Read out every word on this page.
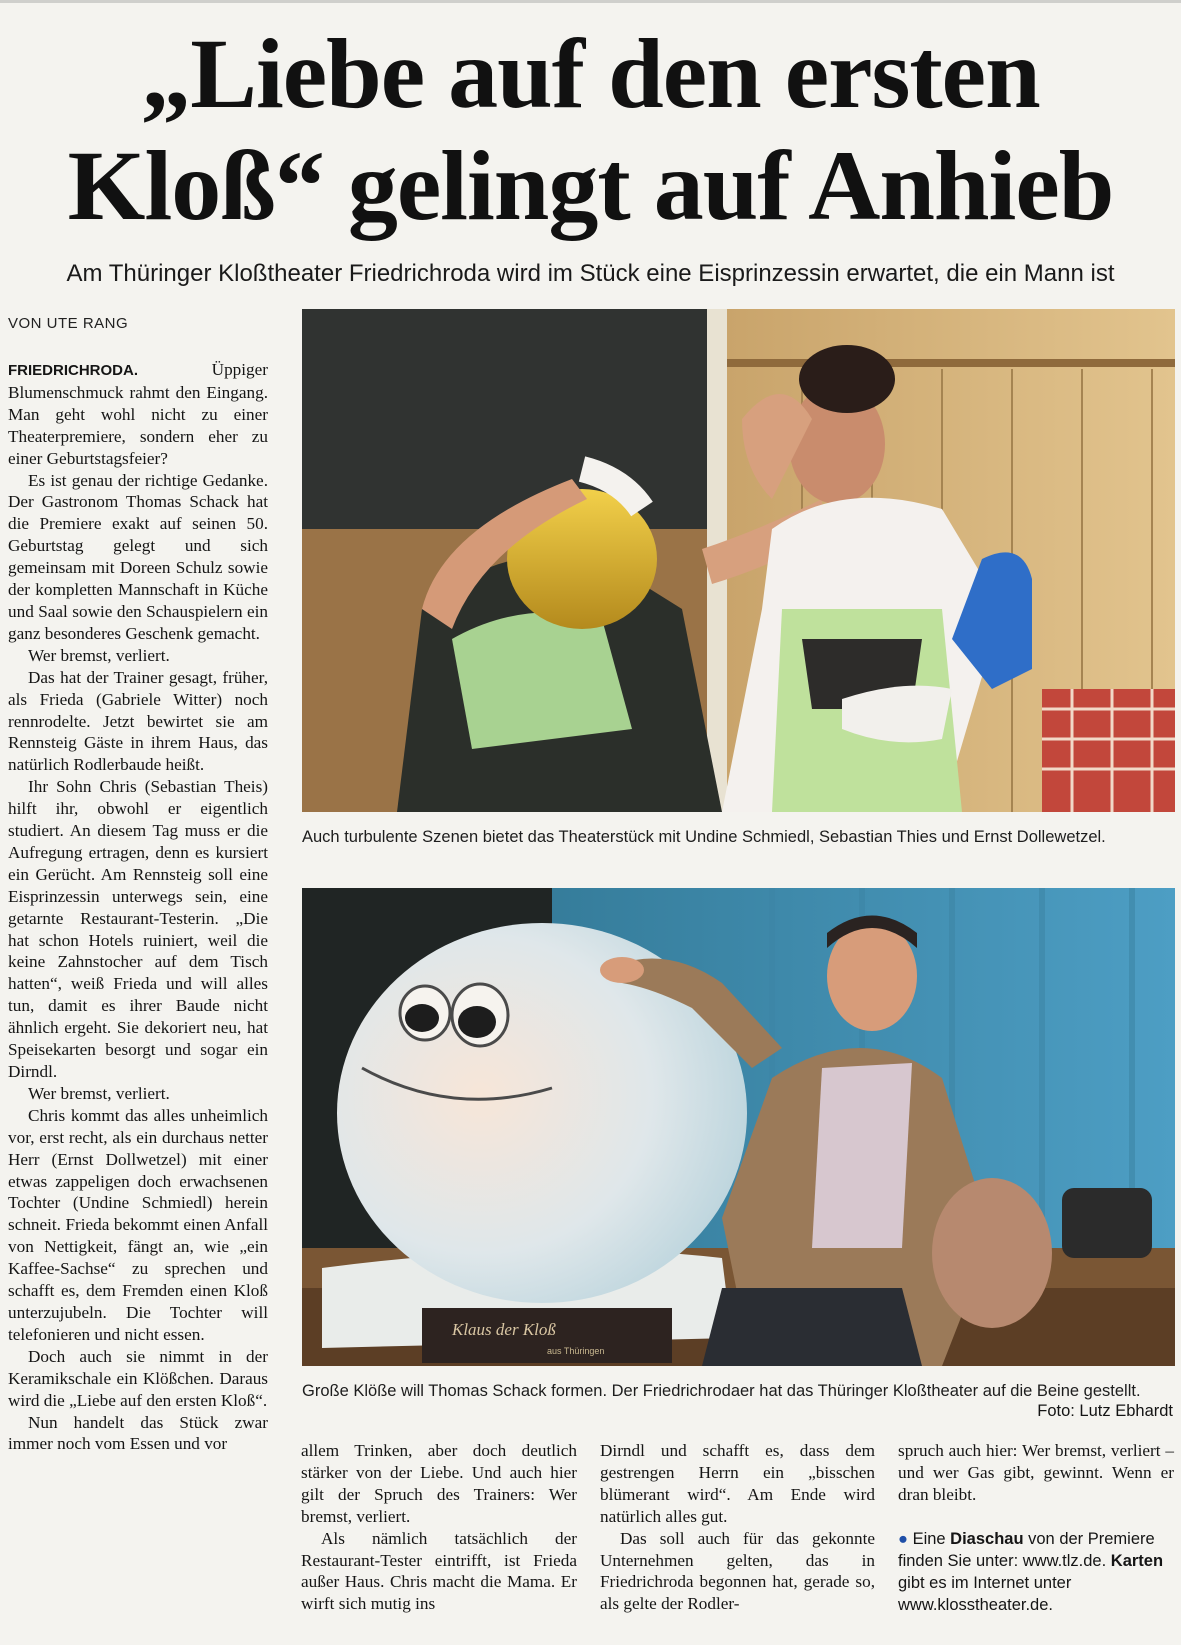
„Liebe auf den ersten
Kloß“ gelingt auf Anhieb
Am Thüringer Kloßtheater Friedrichroda wird im Stück eine Eisprinzessin erwartet, die ein Mann ist
VON UTE RANG

FRIEDRICHRODA. Üppiger Blumenschmuck rahmt den Eingang. Man geht wohl nicht zu einer Theaterpremiere, sondern eher zu einer Geburtstagsfeier?

Es ist genau der richtige Gedanke. Der Gastronom Thomas Schack hat die Premiere exakt auf seinen 50. Geburtstag gelegt und sich gemeinsam mit Doreen Schulz sowie der kompletten Mannschaft in Küche und Saal sowie den Schauspielern ein ganz besonderes Geschenk gemacht.

Wer bremst, verliert.

Das hat der Trainer gesagt, früher, als Frieda (Gabriele Witter) noch rennrodelte. Jetzt bewirtet sie am Rennsteig Gäste in ihrem Haus, das natürlich Rodlerbaude heißt.

Ihr Sohn Chris (Sebastian Theis) hilft ihr, obwohl er eigentlich studiert. An diesem Tag muss er die Aufregung ertragen, denn es kursiert ein Gerücht. Am Rennsteig soll eine Eisprinzessin unterwegs sein, eine getarnte Restaurant-Testerin. „Die hat schon Hotels ruiniert, weil die keine Zahnstocher auf dem Tisch hatten“, weiß Frieda und will alles tun, damit es ihrer Baude nicht ähnlich ergeht. Sie dekoriert neu, hat Speisekarten besorgt und sogar ein Dirndl.

Wer bremst, verliert.

Chris kommt das alles unheimlich vor, erst recht, als ein durchaus netter Herr (Ernst Dollwetzel) mit einer etwas zappeligen doch erwachsenen Tochter (Undine Schmiedl) herein schneit. Frieda bekommt einen Anfall von Nettigkeit, fängt an, wie „ein Kaffee-Sachse“ zu sprechen und schafft es, dem Fremden einen Kloß unterzujubeln. Die Tochter will telefonieren und nicht essen.

Doch auch sie nimmt in der Keramikschale ein Klößchen. Daraus wird die „Liebe auf den ersten Kloß“.

Nun handelt das Stück zwar immer noch vom Essen und vor

Auch turbulente Szenen bietet das Theaterstück mit Undine Schmiedl, Sebastian Thies und Ernst Dollewetzel.
Klaus der Kloß
aus Thüringen
Große Klöße will Thomas Schack formen. Der Friedrichrodaer hat das Thüringer Kloßtheater auf die Beine gestellt.
Foto: Lutz Ebhardt

allem Trinken, aber doch deutlich stärker von der Liebe. Und auch hier gilt der Spruch des Trainers: Wer bremst, verliert.

Als nämlich tatsächlich der Restaurant-Tester eintrifft, ist Frieda außer Haus. Chris macht die Mama. Er wirft sich mutig ins

Dirndl und schafft es, dass dem gestrengen Herrn ein „bisschen blümerant wird“. Am Ende wird natürlich alles gut.

Das soll auch für das gekonnte Unternehmen gelten, das in Friedrichroda begonnen hat, gerade so, als gelte der Rodler-

spruch auch hier: Wer bremst, verliert – und wer Gas gibt, gewinnt. Wenn er dran bleibt.

● Eine Diaschau von der Premiere finden Sie unter: www.tlz.de. Karten gibt es im Internet unter www.klosstheater.de.
